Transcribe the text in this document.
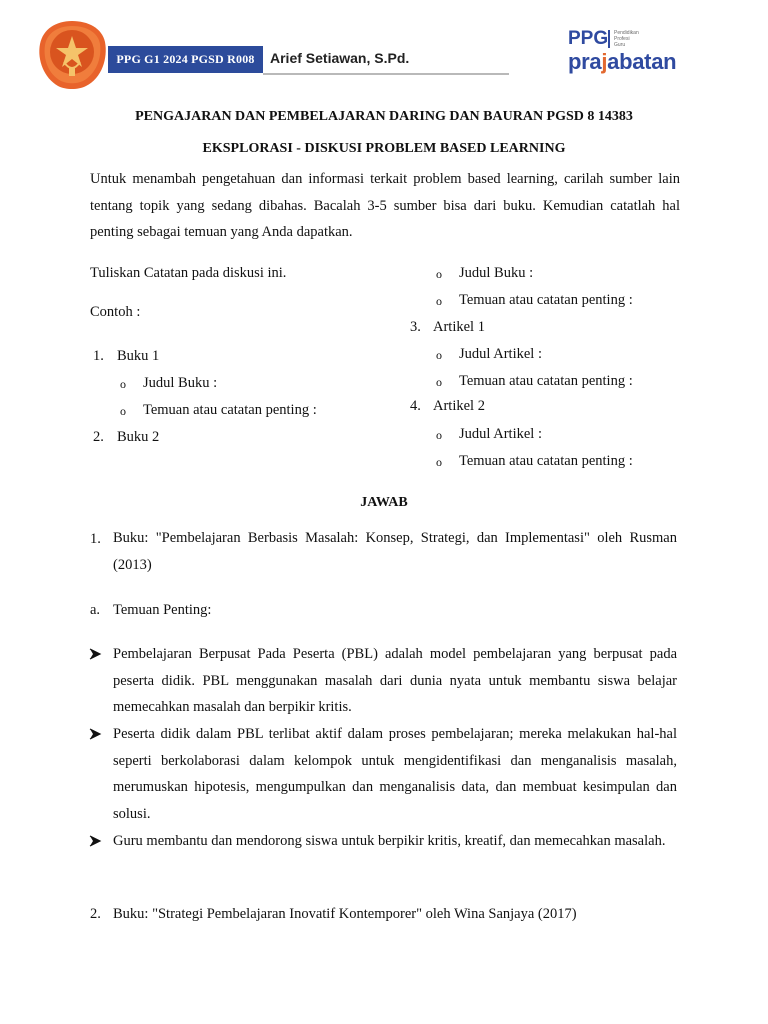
PPG G1 2024 PGSD R008	Arief Setiawan, S.Pd.
PPG Pendidikan
Profesi
Guru
prajabatan
PENGAJARAN DAN PEMBELAJARAN DARING DAN BAURAN PGSD 8 14383
EKSPLORASI - DISKUSI PROBLEM BASED LEARNING
Untuk menambah pengetahuan dan informasi terkait problem based learning, carilah sumber lain tentang topik yang sedang dibahas. Bacalah 3-5 sumber bisa dari buku. Kemudian catatlah hal penting sebagai temuan yang Anda dapatkan.
Tuliskan Catatan pada diskusi ini.
Contoh :
1. Buku 1
o Judul Buku :
o Temuan atau catatan penting :
2. Buku 2
o Judul Buku :
o Temuan atau catatan penting :
3. Artikel 1
o Judul Artikel :
o Temuan atau catatan penting :
4. Artikel 2
o Judul Artikel :
o Temuan atau catatan penting :
JAWAB
1. Buku: "Pembelajaran Berbasis Masalah: Konsep, Strategi, dan Implementasi" oleh Rusman (2013)
a. Temuan Penting:
Pembelajaran Berpusat Pada Peserta (PBL) adalah model pembelajaran yang berpusat pada peserta didik. PBL menggunakan masalah dari dunia nyata untuk membantu siswa belajar memecahkan masalah dan berpikir kritis.
Peserta didik dalam PBL terlibat aktif dalam proses pembelajaran; mereka melakukan hal-hal seperti berkolaborasi dalam kelompok untuk mengidentifikasi dan menganalisis masalah, merumuskan hipotesis, mengumpulkan dan menganalisis data, dan membuat kesimpulan dan solusi.
Guru membantu dan mendorong siswa untuk berpikir kritis, kreatif, dan memecahkan masalah.
2. Buku: "Strategi Pembelajaran Inovatif Kontemporer" oleh Wina Sanjaya (2017)
